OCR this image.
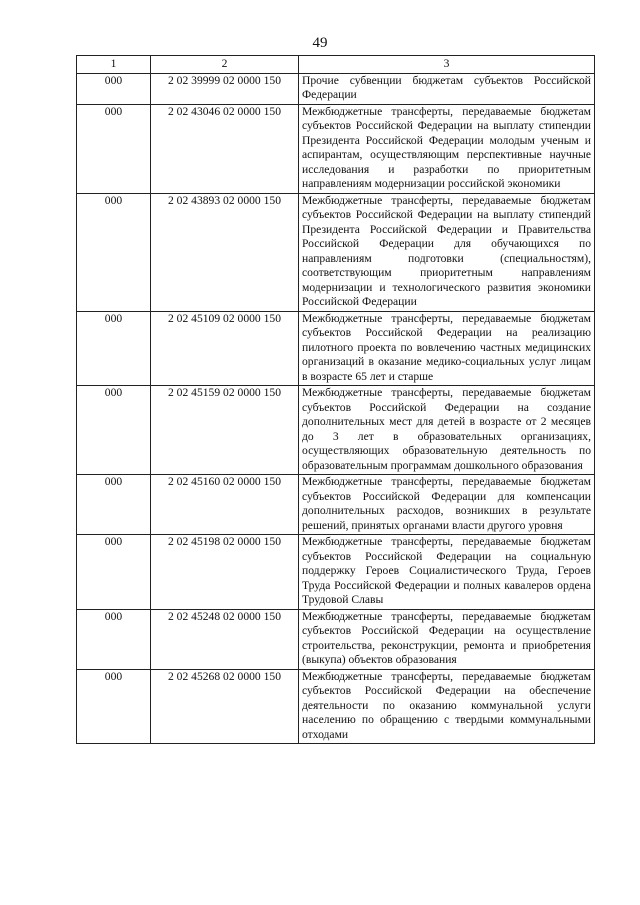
49
1	2	3
000	2 02 39999 02 0000 150	Прочие субвенции бюджетам субъектов Российской Федерации
000	2 02 43046 02 0000 150	Межбюджетные трансферты, передаваемые бюджетам субъектов Российской Федерации на выплату стипендии Президента Российской Федерации молодым ученым и аспирантам, осуществляющим перспективные научные исследования и разработки по приоритетным направлениям модернизации российской экономики
000	2 02 43893 02 0000 150	Межбюджетные трансферты, передаваемые бюджетам субъектов Российской Федерации на выплату стипендий Президента Российской Федерации и Правительства Российской Федерации для обучающихся по направлениям подготовки (специальностям), соответствующим приоритетным направлениям модернизации и технологического развития экономики Российской Федерации
000	2 02 45109 02 0000 150	Межбюджетные трансферты, передаваемые бюджетам субъектов Российской Федерации на реализацию пилотного проекта по вовлечению частных медицинских организаций в оказание медико-социальных услуг лицам в возрасте 65 лет и старше
000	2 02 45159 02 0000 150	Межбюджетные трансферты, передаваемые бюджетам субъектов Российской Федерации на создание дополнительных мест для детей в возрасте от 2 месяцев до 3 лет в образовательных организациях, осуществляющих образовательную деятельность по образовательным программам дошкольного образования
000	2 02 45160 02 0000 150	Межбюджетные трансферты, передаваемые бюджетам субъектов Российской Федерации для компенсации дополнительных расходов, возникших в результате решений, принятых органами власти другого уровня
000	2 02 45198 02 0000 150	Межбюджетные трансферты, передаваемые бюджетам субъектов Российской Федерации на социальную поддержку Героев Социалистического Труда, Героев Труда Российской Федерации и полных кавалеров ордена Трудовой Славы
000	2 02 45248 02 0000 150	Межбюджетные трансферты, передаваемые бюджетам субъектов Российской Федерации на осуществление строительства, реконструкции, ремонта и приобретения (выкупа) объектов образования
000	2 02 45268 02 0000 150	Межбюджетные трансферты, передаваемые бюджетам субъектов Российской Федерации на обеспечение деятельности по оказанию коммунальной услуги населению по обращению с твердыми коммунальными отходами
